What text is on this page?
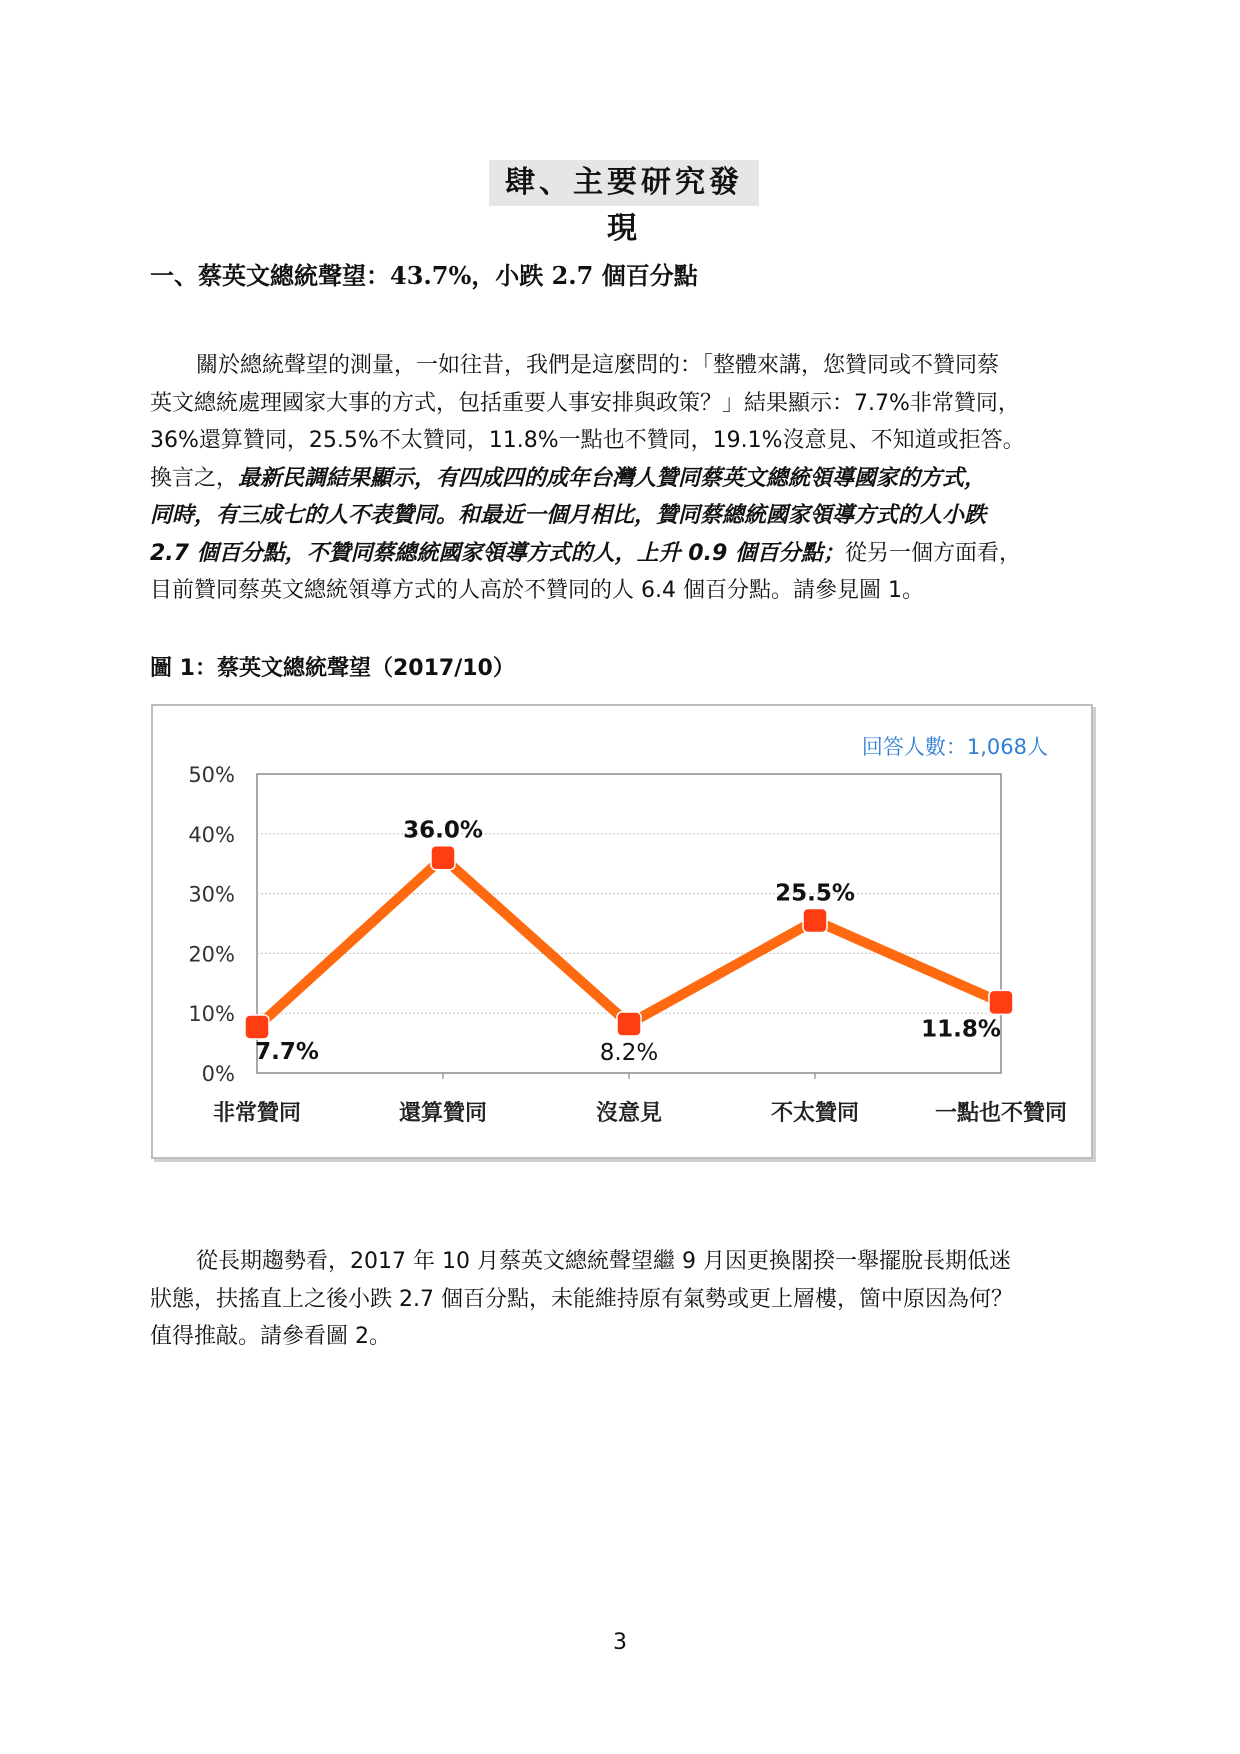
肆、主要研究發現
一、蔡英文總統聲望：43.7%，小跌 2.7 個百分點

關於總統聲望的測量，一如往昔，我們是這麼問的：「整體來講，您贊同或不贊同蔡

英文總統處理國家大事的方式，包括重要人事安排與政策？」結果顯示：7.7%非常贊同，

36%還算贊同，25.5%不太贊同，11.8%一點也不贊同，19.1%沒意見、不知道或拒答。

換言之，最新民調結果顯示，有四成四的成年台灣人贊同蔡英文總統領導國家的方式，

同時，有三成七的人不表贊同。和最近一個月相比，贊同蔡總統國家領導方式的人小跌

2.7 個百分點，不贊同蔡總統國家領導方式的人，上升 0.9 個百分點；從另一個方面看，

目前贊同蔡英文總統領導方式的人高於不贊同的人 6.4 個百分點。請參見圖 1。

圖 1：蔡英文總統聲望（2017/10）
0%
10%
20%
30%
40%
50%
非常贊同	還算贊同	沒意見	不太贊同	一點也不贊同
7.7%
36.0%
8.2%
25.5%
11.8%
回答人數：1,068人

從長期趨勢看，2017 年 10 月蔡英文總統聲望繼 9 月因更換閣揆一舉擺脫長期低迷

狀態，扶搖直上之後小跌 2.7 個百分點，未能維持原有氣勢或更上層樓，箇中原因為何？

值得推敲。請參看圖 2。

3
